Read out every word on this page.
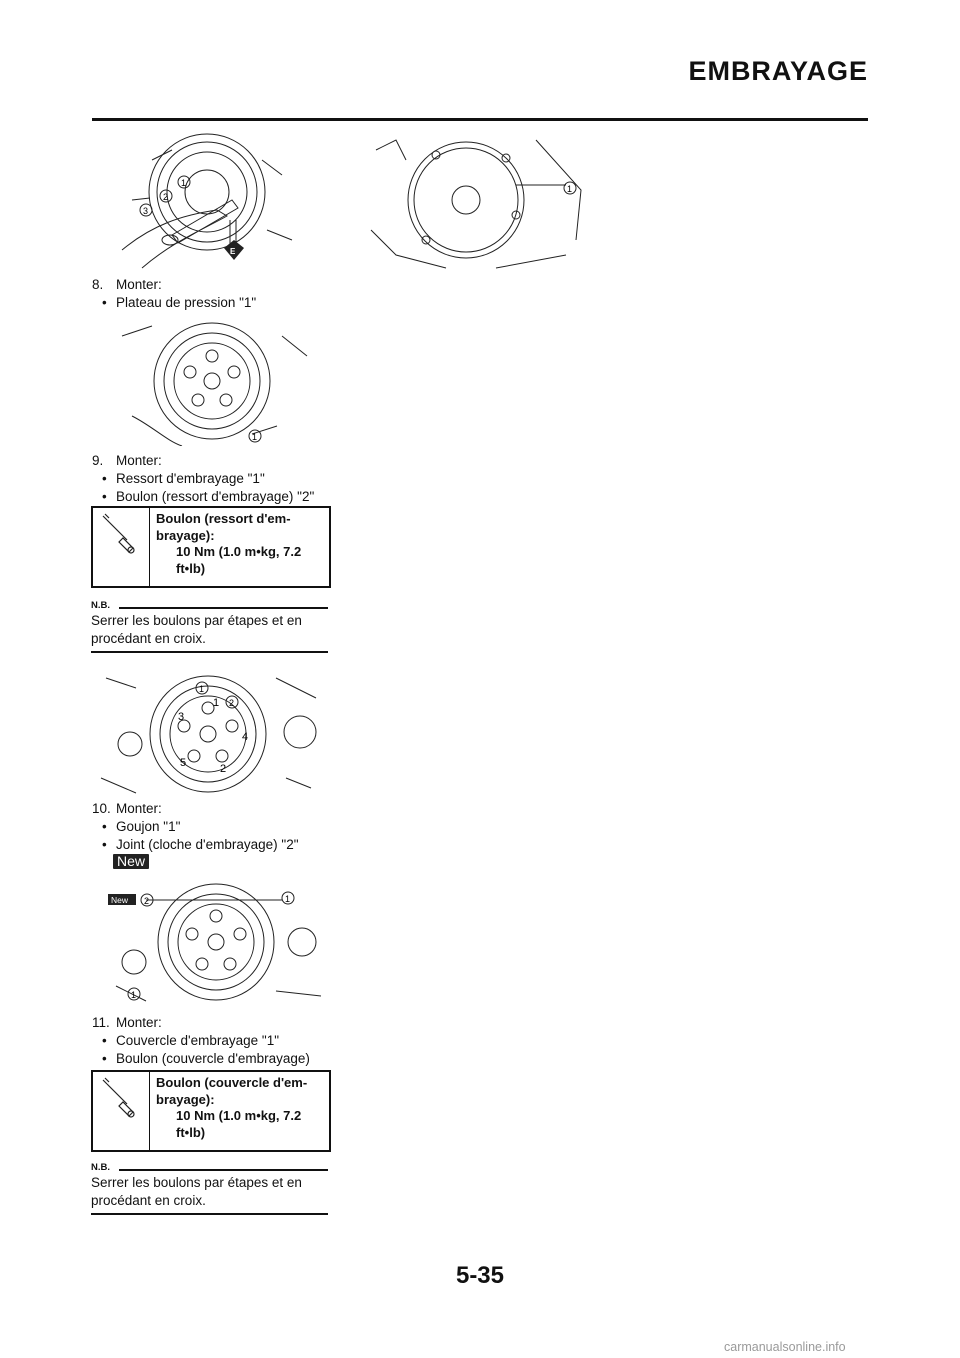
EMBRAYAGE
1
2
3
E
1
8. Monter:
• Plateau de pression "1"
1
9. Monter:
• Ressort d'embrayage "1"
• Boulon (ressort d'embrayage) "2"
Boulon (ressort d'em-
brayage):
10 Nm (1.0 m•kg, 7.2
ft•lb)
N.B.
Serrer les boulons par étapes et en
procédant en croix.
1
2
1
2
3
4
5
10. Monter:
• Goujon "1"
• Joint (cloche d'embrayage) "2"
New
New 2	1
1
11. Monter:
• Couvercle d'embrayage "1"
• Boulon (couvercle d'embrayage)
Boulon (couvercle d'em-
brayage):
10 Nm (1.0 m•kg, 7.2
ft•lb)
N.B.
Serrer les boulons par étapes et en
procédant en croix.
5-35
carmanualsonline.info
